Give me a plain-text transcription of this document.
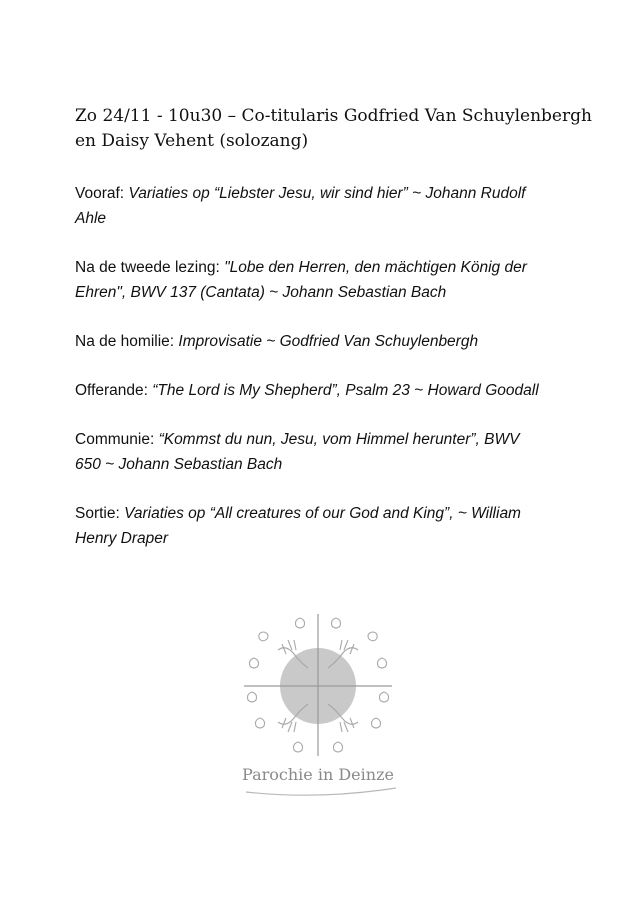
Zo 24/11 - 10u30 – Co-titularis Godfried Van Schuylenbergh
en Daisy Vehent (solozang)
Vooraf: Variaties op “Liebster Jesu, wir sind hier” ~ Johann Rudolf
Ahle
Na de tweede lezing: "Lobe den Herren, den mächtigen König der
Ehren", BWV 137 (Cantata) ~ Johann Sebastian Bach
Na de homilie: Improvisatie ~ Godfried Van Schuylenbergh
Offerande: “The Lord is My Shepherd”, Psalm 23 ~ Howard Goodall
Communie: “Kommst du nun, Jesu, vom Himmel herunter”, BWV
650 ~ Johann Sebastian Bach
Sortie: Variaties op “All creatures of our God and King”, ~ William
Henry Draper
Parochie in Deinze
